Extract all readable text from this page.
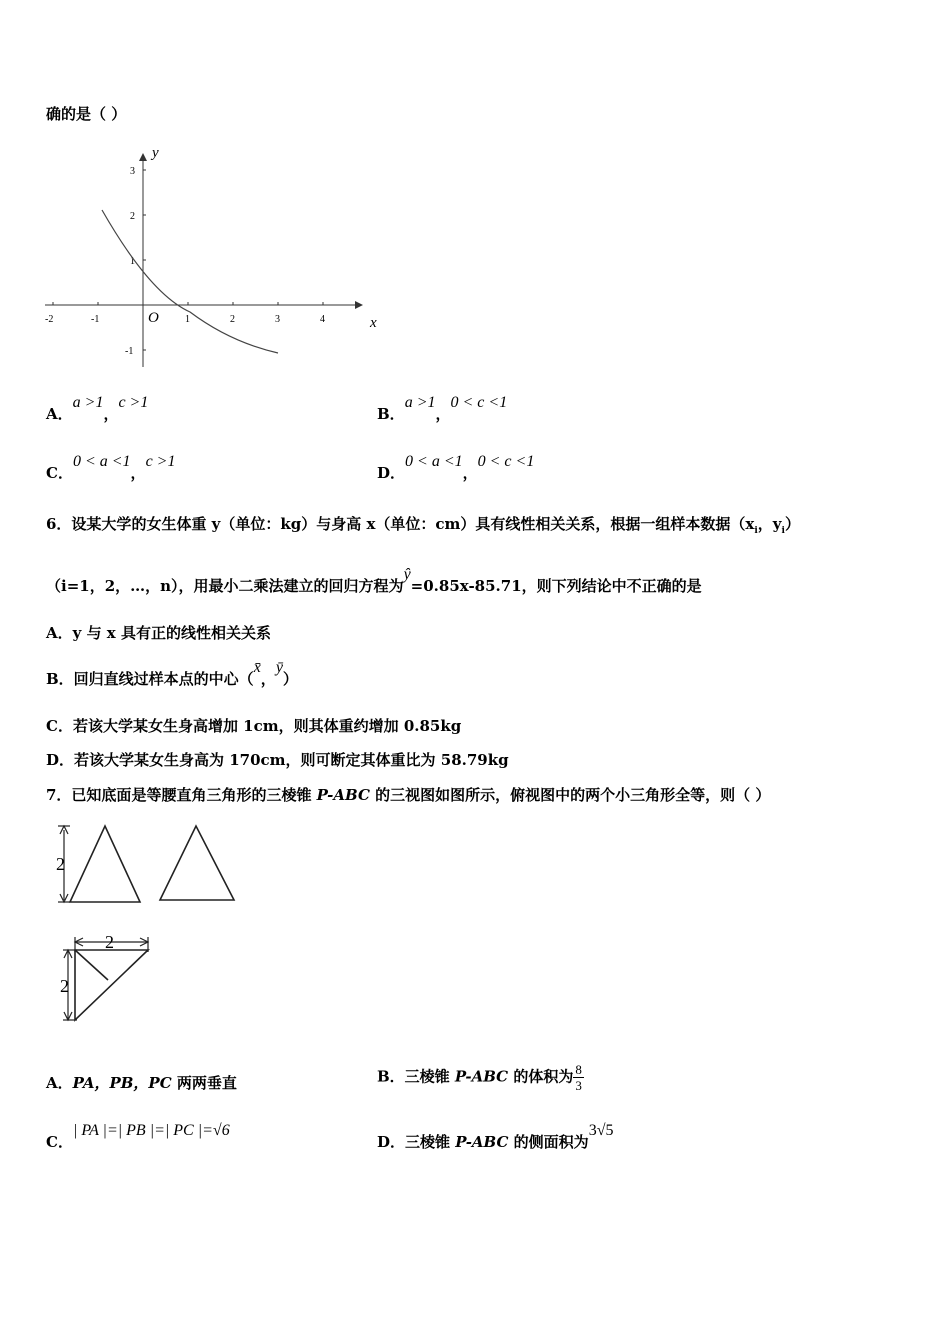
确的是（ ）
-2	-1	1	2	3	4
3
2
1
-1
x
y
O
A．a >1，c >1
B．a >1，0 < c <1
C．0 < a <1，c >1
D．0 < a <1，0 < c <1
6．设某大学的女生体重 y（单位：kg）与身高 x（单位：cm）具有线性相关关系，根据一组样本数据（$x_i$，$y_i$）
（i=1，2，…，n），用最小二乘法建立的回归方程为ŷ=0.85x-85.71，则下列结论中不正确的是
A．y 与 x 具有正的线性相关关系
B．回归直线过样本点的中心（x̄，ȳ）
C．若该大学某女生身高增加 1cm，则其体重约增加 0.85kg
D．若该大学某女生身高为 170cm，则可断定其体重比为 58.79kg
7．已知底面是等腰直角三角形的三棱锥 P-ABC 的三视图如图所示，俯视图中的两个小三角形全等，则（ ）
2
2
2
A．PA，PB，PC 两两垂直	B．三棱锥 P-ABC 的体积为 $\frac{8}{3}$
C．| PA |=| PB |=| PC |=√6
D．三棱锥 P-ABC 的侧面积为3√5
